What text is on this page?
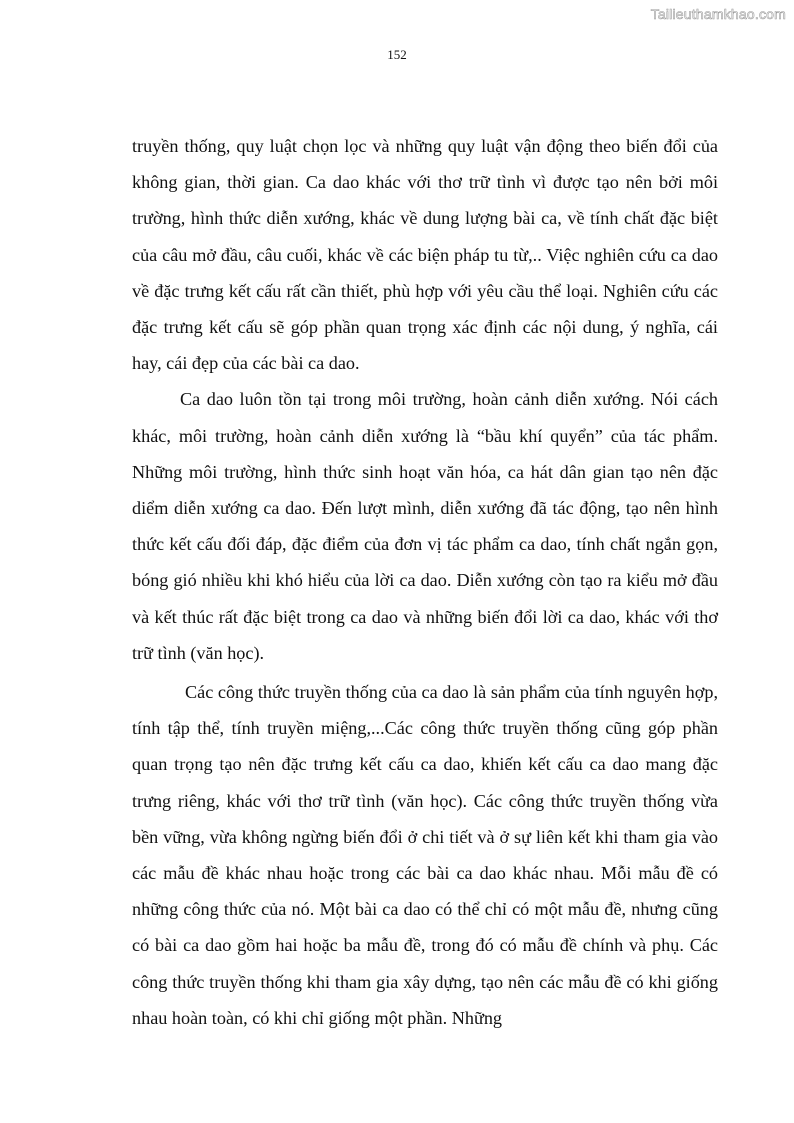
Tailieuthamkhao.com
152

truyền thống, quy luật chọn lọc và những quy luật vận động theo biến đổi của không gian, thời gian. Ca dao khác với thơ trữ tình vì được tạo nên bởi môi trường, hình thức diễn xướng, khác về dung lượng bài ca, về tính chất đặc biệt của câu mở đầu, câu cuối, khác về các biện pháp tu từ,.. Việc nghiên cứu ca dao về đặc trưng kết cấu rất cần thiết, phù hợp với yêu cầu thể loại. Nghiên cứu các đặc trưng kết cấu sẽ góp phần quan trọng xác định các nội dung, ý nghĩa, cái hay, cái đẹp của các bài ca dao.

Ca dao luôn tồn tại trong môi trường, hoàn cảnh diễn xướng. Nói cách khác, môi trường, hoàn cảnh diễn xướng là “bầu khí quyển” của tác phẩm. Những môi trường, hình thức sinh hoạt văn hóa, ca hát dân gian tạo nên đặc diểm diễn xướng ca dao. Đến lượt mình, diễn xướng đã tác động, tạo nên hình thức kết cấu đối đáp, đặc điểm của đơn vị tác phẩm ca dao, tính chất ngắn gọn, bóng gió nhiều khi khó hiểu của lời ca dao. Diễn xướng còn tạo ra kiểu mở đầu và kết thúc rất đặc biệt trong ca dao và những biến đổi lời ca dao, khác với thơ trữ tình (văn học).

Các công thức truyền thống của ca dao là sản phẩm của tính nguyên hợp, tính tập thể, tính truyền miệng,...Các công thức truyền thống cũng góp phần quan trọng tạo nên đặc trưng kết cấu ca dao, khiến kết cấu ca dao mang đặc trưng riêng, khác với thơ trữ tình (văn học). Các công thức truyền thống vừa bền vững, vừa không ngừng biến đổi ở chi tiết và ở sự liên kết khi tham gia vào các mẫu đề khác nhau hoặc trong các bài ca dao khác nhau. Mỗi mẫu đề có những công thức của nó. Một bài ca dao có thể chỉ có một mẫu đề, nhưng cũng có bài ca dao gồm hai hoặc ba mẫu đề, trong đó có mẫu đề chính và phụ. Các công thức truyền thống khi tham gia xây dựng, tạo nên các mẫu đề có khi giống nhau hoàn toàn, có khi chỉ giống một phần. Những
